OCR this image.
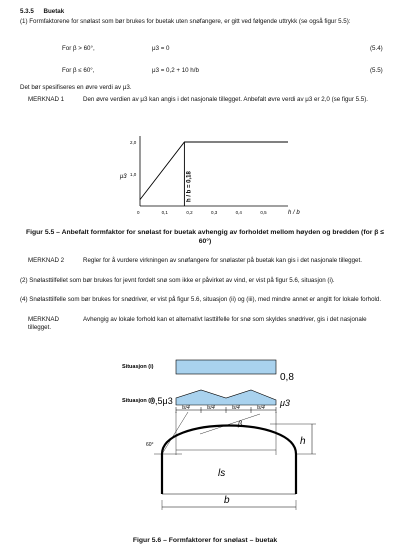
5.3.5 Buetak
(1) Formfaktorene for snølast som bør brukes for buetak uten snøfangere, er gitt ved følgende uttrykk (se også figur 5.5):
For β > 60°,	μ3 = 0	(5.4)
For β ≤ 60°,	μ3 = 0,2 + 10 h/b	(5.5)
Det bør spesifiseres en øvre verdi av μ3.
MERKNAD 1	Den øvre verdien av μ3 kan angis i det nasjonale tillegget. Anbefalt øvre verdi av μ3 er 2,0 (se figur 5.5).
0	0,1	0,2	0,3	0,4	0,5	h / b
2,0
1,0
μ3	h / b = 0,18
Figur 5.5 – Anbefalt formfaktor for snølast for buetak avhengig av forholdet mellom høyden og bredden (for β ≤ 60°)
MERKNAD 2	Regler for å vurdere virkningen av snøfangere for snølaster på buetak kan gis i det nasjonale tillegget.
(2) Snølasttilfellet som bør brukes for jevnt fordelt snø som ikke er påvirket av vind, er vist på figur 5.6, situasjon (i).
(4) Snølasttilfelle som bør brukes for snødriver, er vist på figur 5.6, situasjon (ii) og (iii), med mindre annet er angitt for lokale forhold.
MERKNAD	Avhengig av lokale forhold kan et alternativt lasttilfelle for snø som skyldes snødriver, gis i det nasjonale tillegget.
Situasjon (i)
0,8
Situasjon (ii)
0,5μ3	μ3
ls/4	ls/4	ls/4	ls/4
ls
h
60°
β
b
Figur 5.6 – Formfaktorer for snølast – buetak
